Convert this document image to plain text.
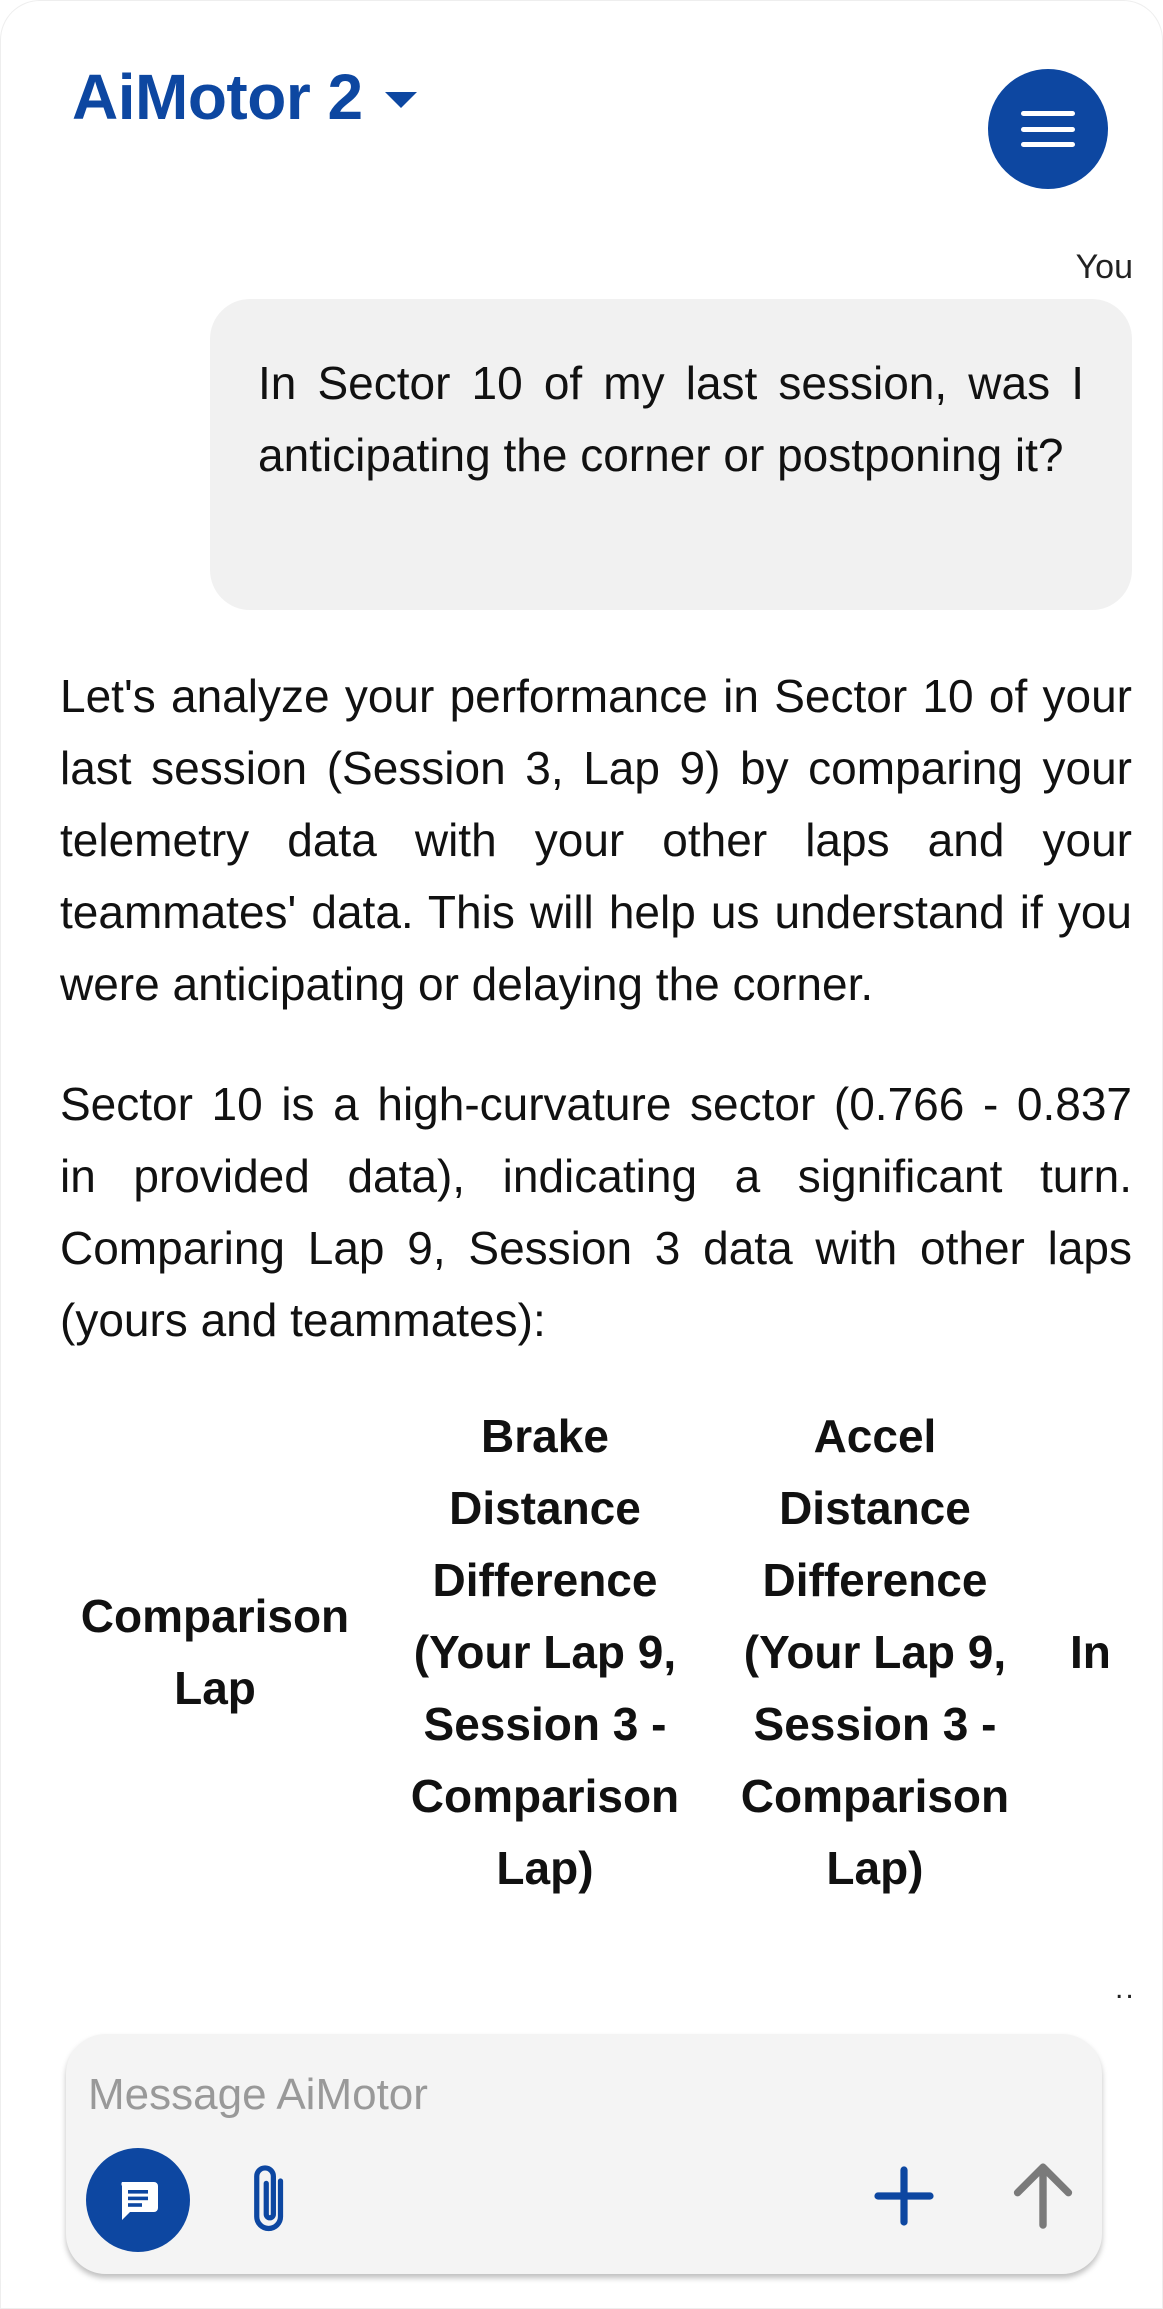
AiMotor 2
You
In Sector 10 of my last session, was I anticipating the corner or postponing it?
Let's analyze your performance in Sector 10 of your last session (Session 3, Lap 9) by comparing your telemetry data with your other laps and your teammates' data. This will help us understand if you were anticipating or delaying the corner.
Sector 10 is a high-curvature sector (0.766 - 0.837 in provided data), indicating a significant turn. Comparing Lap 9, Session 3 data with other laps (yours and teammates):
Comparison Lap	Brake Distance Difference (Your Lap 9, Session 3 - Comparison Lap)	Accel Distance Difference (Your Lap 9, Session 3 - Comparison Lap)	In
..
Message AiMotor
